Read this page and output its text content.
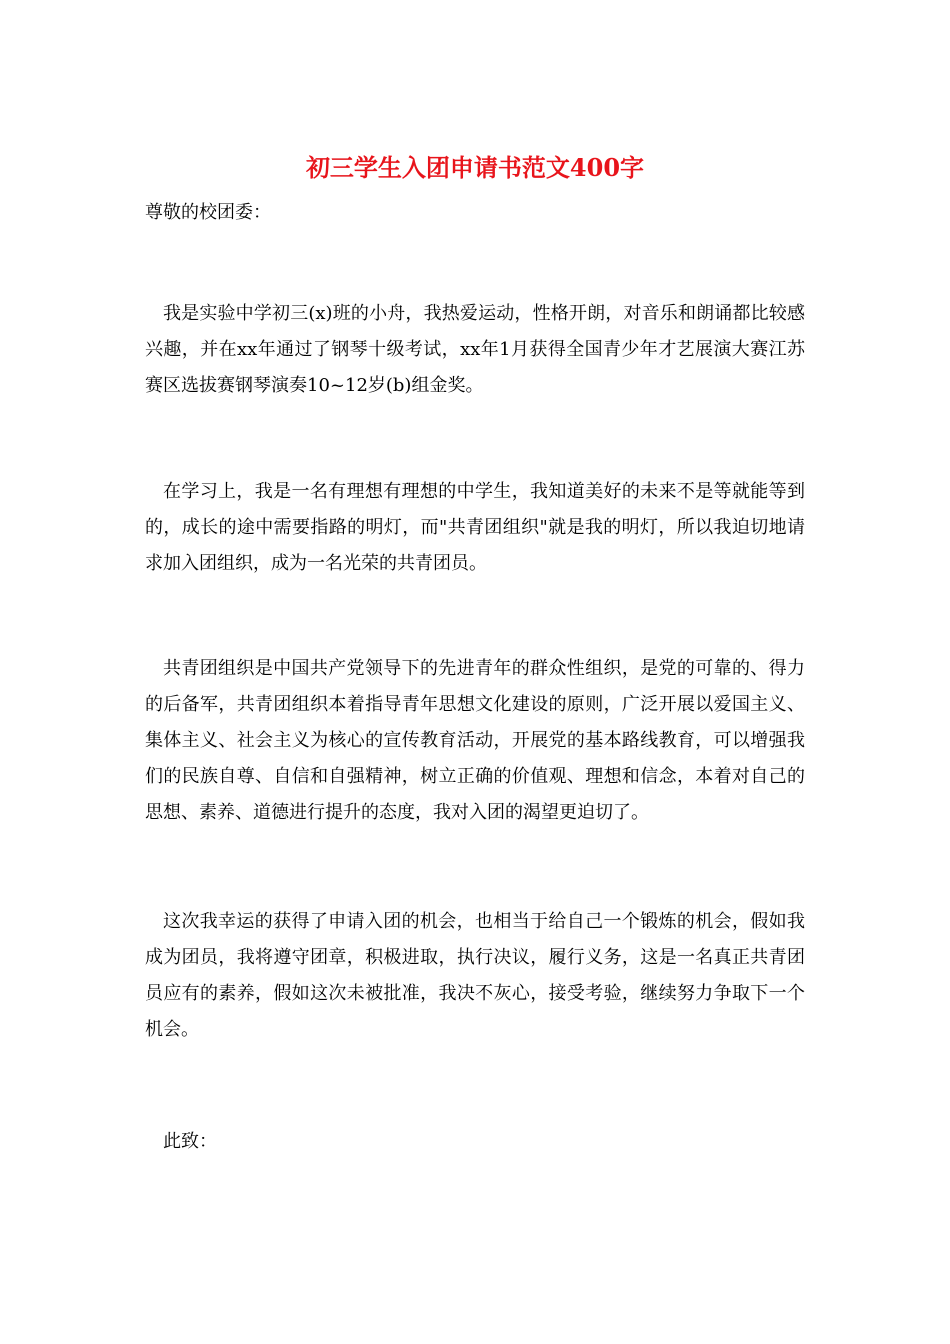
初三学生入团申请书范文400字
尊敬的校团委：

我是实验中学初三(x)班的小舟，我热爱运动，性格开朗，对音乐和朗诵都比较感兴趣，并在xx年通过了钢琴十级考试，xx年1月获得全国青少年才艺展演大赛江苏赛区选拔赛钢琴演奏10~12岁(b)组金奖。

在学习上，我是一名有理想有理想的中学生，我知道美好的未来不是等就能等到的，成长的途中需要指路的明灯，而"共青团组织"就是我的明灯，所以我迫切地请求加入团组织，成为一名光荣的共青团员。

共青团组织是中国共产党领导下的先进青年的群众性组织，是党的可靠的、得力的后备军，共青团组织本着指导青年思想文化建设的原则，广泛开展以爱国主义、集体主义、社会主义为核心的宣传教育活动，开展党的基本路线教育，可以增强我们的民族自尊、自信和自强精神，树立正确的价值观、理想和信念，本着对自己的思想、素养、道德进行提升的态度，我对入团的渴望更迫切了。

这次我幸运的获得了申请入团的机会，也相当于给自己一个锻炼的机会，假如我成为团员，我将遵守团章，积极进取，执行决议，履行义务，这是一名真正共青团员应有的素养，假如这次未被批准，我决不灰心，接受考验，继续努力争取下一个机会。

此致：
